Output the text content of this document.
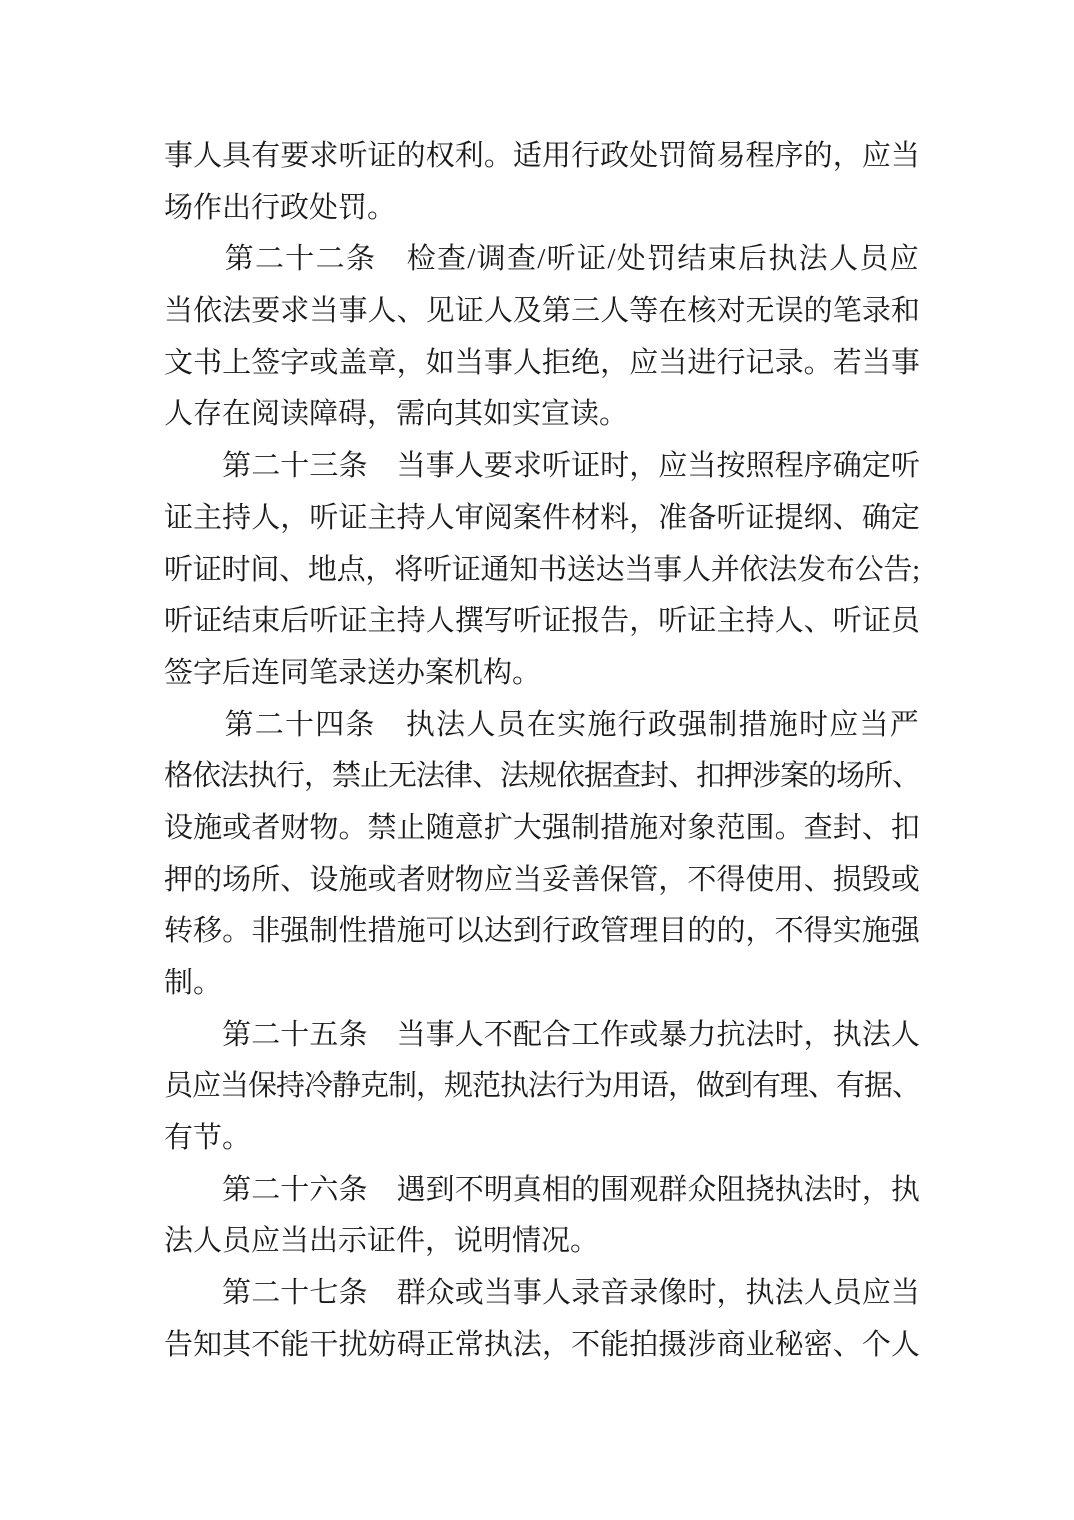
事人具有要求听证的权利。适用行政处罚简易程序的，应当
场作出行政处罚。
　　第二十二条　检查/调查/听证/处罚结束后执法人员应
当依法要求当事人、见证人及第三人等在核对无误的笔录和
文书上签字或盖章，如当事人拒绝，应当进行记录。若当事
人存在阅读障碍，需向其如实宣读。
　　第二十三条　当事人要求听证时，应当按照程序确定听
证主持人，听证主持人审阅案件材料，准备听证提纲、确定
听证时间、地点，将听证通知书送达当事人并依法发布公告;
听证结束后听证主持人撰写听证报告，听证主持人、听证员
签字后连同笔录送办案机构。
　　第二十四条　执法人员在实施行政强制措施时应当严
格依法执行，禁止无法律、法规依据查封、扣押涉案的场所、
设施或者财物。禁止随意扩大强制措施对象范围。查封、扣
押的场所、设施或者财物应当妥善保管，不得使用、损毁或
转移。非强制性措施可以达到行政管理目的的，不得实施强
制。
　　第二十五条　当事人不配合工作或暴力抗法时，执法人
员应当保持冷静克制，规范执法行为用语，做到有理、有据、
有节。
　　第二十六条　遇到不明真相的围观群众阻挠执法时，执
法人员应当出示证件，说明情况。
　　第二十七条　群众或当事人录音录像时，执法人员应当
告知其不能干扰妨碍正常执法，不能拍摄涉商业秘密、个人
